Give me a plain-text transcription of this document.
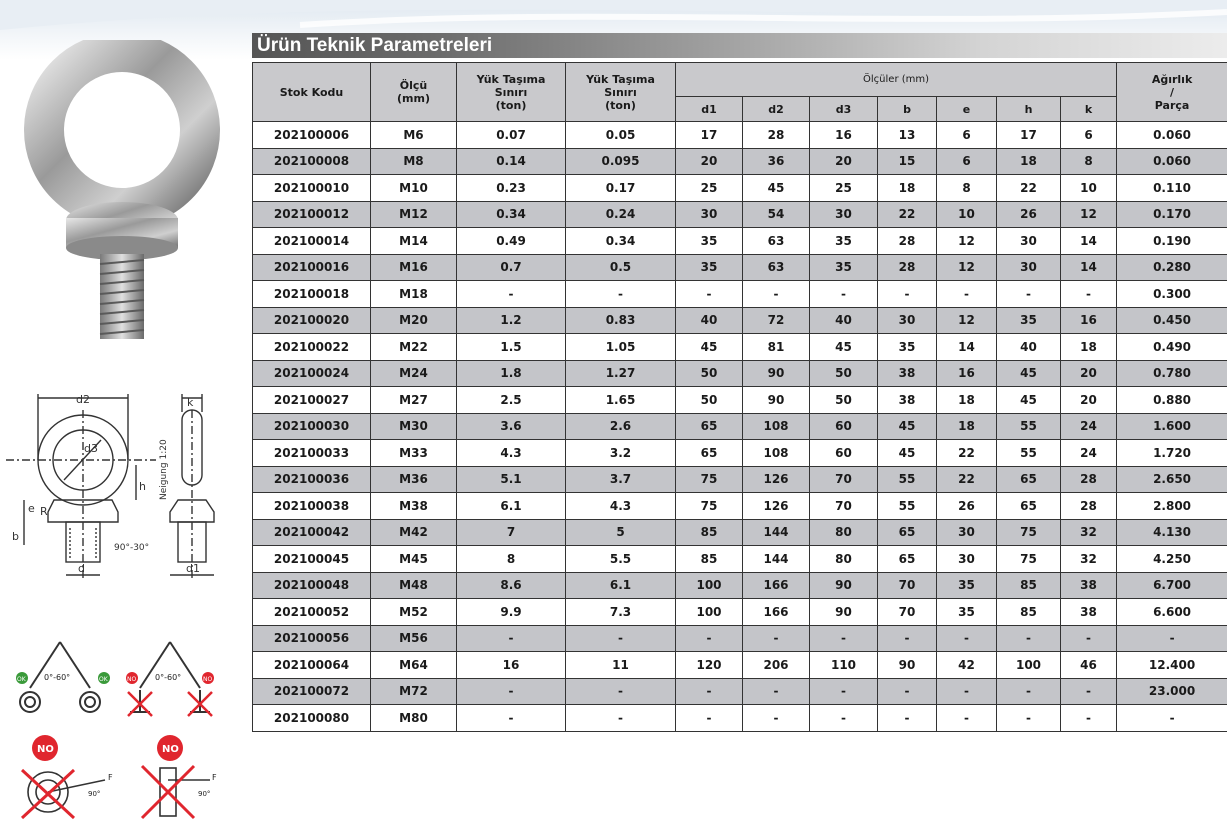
d2
d3
d
e R
b
h
90°-30°
Neigung 1:20
k
d1
0°-60°	0°-60°
OK	OK	NO	NO
NO	NO
F	F
90°	90°
Ürün Teknik Parametreleri
Stok Kodu	Ölçü
(mm)	Yük Taşıma
Sınırı
(ton)	Yük Taşıma
Sınırı
(ton)	Ölçüler (mm)							Ağırlık
/
Parça
				d1	d2	d3	b	e	h	k	
202100006	M6	0.07	0.05	17	28	16	13	6	17	6	0.060
202100008	M8	0.14	0.095	20	36	20	15	6	18	8	0.060
202100010	M10	0.23	0.17	25	45	25	18	8	22	10	0.110
202100012	M12	0.34	0.24	30	54	30	22	10	26	12	0.170
202100014	M14	0.49	0.34	35	63	35	28	12	30	14	0.190
202100016	M16	0.7	0.5	35	63	35	28	12	30	14	0.280
202100018	M18	-	-	-	-	-	-	-	-	-	0.300
202100020	M20	1.2	0.83	40	72	40	30	12	35	16	0.450
202100022	M22	1.5	1.05	45	81	45	35	14	40	18	0.490
202100024	M24	1.8	1.27	50	90	50	38	16	45	20	0.780
202100027	M27	2.5	1.65	50	90	50	38	18	45	20	0.880
202100030	M30	3.6	2.6	65	108	60	45	18	55	24	1.600
202100033	M33	4.3	3.2	65	108	60	45	22	55	24	1.720
202100036	M36	5.1	3.7	75	126	70	55	22	65	28	2.650
202100038	M38	6.1	4.3	75	126	70	55	26	65	28	2.800
202100042	M42	7	5	85	144	80	65	30	75	32	4.130
202100045	M45	8	5.5	85	144	80	65	30	75	32	4.250
202100048	M48	8.6	6.1	100	166	90	70	35	85	38	6.700
202100052	M52	9.9	7.3	100	166	90	70	35	85	38	6.600
202100056	M56	-	-	-	-	-	-	-	-	-	-
202100064	M64	16	11	120	206	110	90	42	100	46	12.400
202100072	M72	-	-	-	-	-	-	-	-	-	23.000
202100080	M80	-	-	-	-	-	-	-	-	-	-
